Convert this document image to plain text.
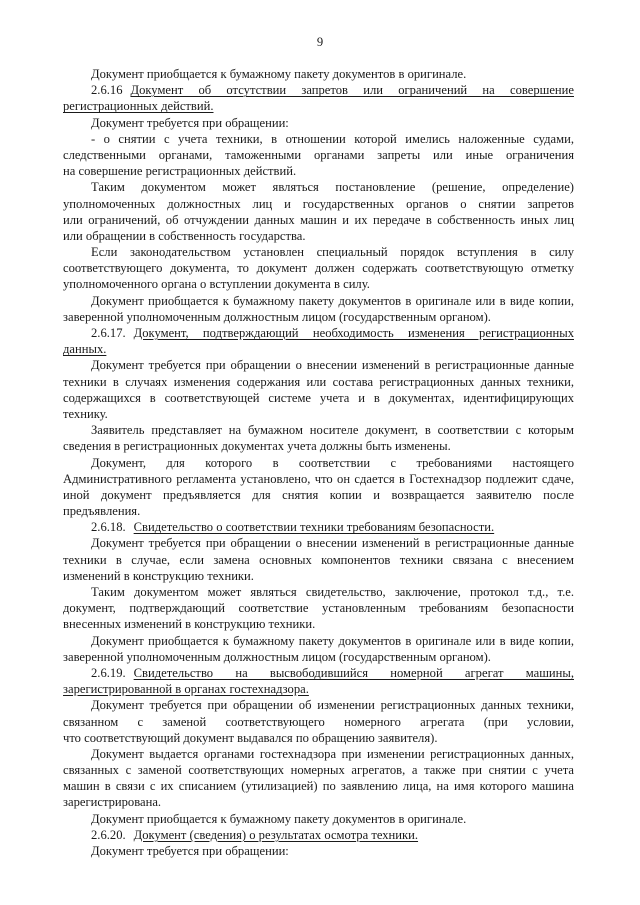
9
Документ приобщается к бумажному пакету документов в оригинале.
2.6.16 Документ об отсутствии запретов или ограничений на совершение
регистрационных действий.
Документ требуется при обращении:
- о снятии с учета техники, в отношении которой имелись наложенные судами,
следственными органами, таможенными органами запреты или иные ограничения
на совершение регистрационных действий.
Таким документом может являться постановление (решение, определение)
уполномоченных должностных лиц и государственных органов о снятии запретов
или ограничений, об отчуждении данных машин и их передаче в собственность иных лиц
или обращении в собственность государства.
Если законодательством установлен специальный порядок вступления в силу
соответствующего документа, то документ должен содержать соответствующую отметку
уполномоченного органа о вступлении документа в силу.
Документ приобщается к бумажному пакету документов в оригинале или в виде копии,
заверенной уполномоченным должностным лицом (государственным органом).
2.6.17. Документ, подтверждающий необходимость изменения регистрационных
данных.
Документ требуется при обращении о внесении изменений в регистрационные данные
техники в случаях изменения содержания или состава регистрационных данных техники,
содержащихся в соответствующей системе учета и в документах, идентифицирующих
технику.
Заявитель представляет на бумажном носителе документ, в соответствии с которым
сведения в регистрационных документах учета должны быть изменены.
Документ, для которого в соответствии с требованиями настоящего
Административного регламента установлено, что он сдается в Гостехнадзор подлежит сдаче,
иной документ предъявляется для снятия копии и возвращается заявителю после
предъявления.
2.6.18. Свидетельство о соответствии техники требованиям безопасности.
Документ требуется при обращении о внесении изменений в регистрационные данные
техники в случае, если замена основных компонентов техники связана с внесением
изменений в конструкцию техники.
Таким документом может являться свидетельство, заключение, протокол т.д., т.е.
документ, подтверждающий соответствие установленным требованиям безопасности
внесенных изменений в конструкцию техники.
Документ приобщается к бумажному пакету документов в оригинале или в виде копии,
заверенной уполномоченным должностным лицом (государственным органом).
2.6.19. Свидетельство на высвободившийся номерной агрегат машины,
зарегистрированной в органах гостехнадзора.
Документ требуется при обращении об изменении регистрационных данных техники,
связанном с заменой соответствующего номерного агрегата (при условии,
что соответствующий документ выдавался по обращению заявителя).
Документ выдается органами гостехнадзора при изменении регистрационных данных,
связанных с заменой соответствующих номерных агрегатов, а также при снятии с учета
машин в связи с их списанием (утилизацией) по заявлению лица, на имя которого машина
зарегистрирована.
Документ приобщается к бумажному пакету документов в оригинале.
2.6.20. Документ (сведения) о результатах осмотра техники.
Документ требуется при обращении:
